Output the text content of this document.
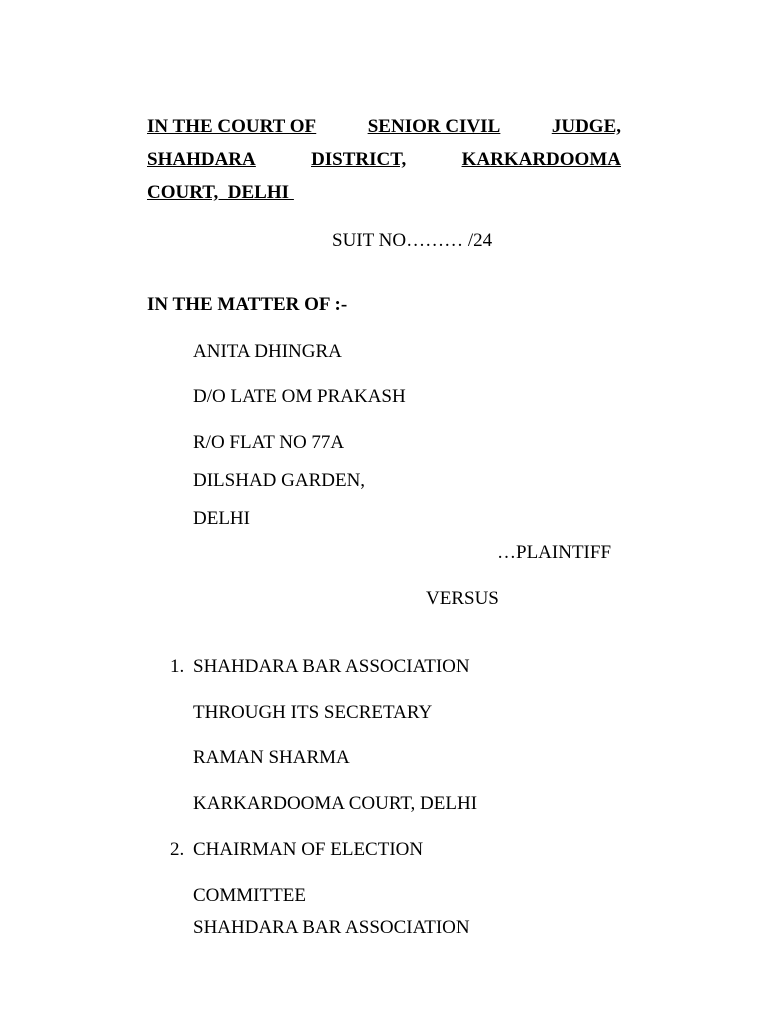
IN THE COURT OF	SENIOR CIVIL	JUDGE,
SHAHDARA	DISTRICT,	KARKARDOOMA
COURT,  DELHI
SUIT NO……… /24
IN THE MATTER OF :-
ANITA DHINGRA
D/O LATE OM PRAKASH
R/O FLAT NO 77A
DILSHAD GARDEN,
DELHI
…PLAINTIFF
VERSUS
1. SHAHDARA BAR ASSOCIATION
THROUGH ITS SECRETARY
RAMAN SHARMA
KARKARDOOMA COURT, DELHI
2. CHAIRMAN OF ELECTION
COMMITTEE
SHAHDARA BAR ASSOCIATION
